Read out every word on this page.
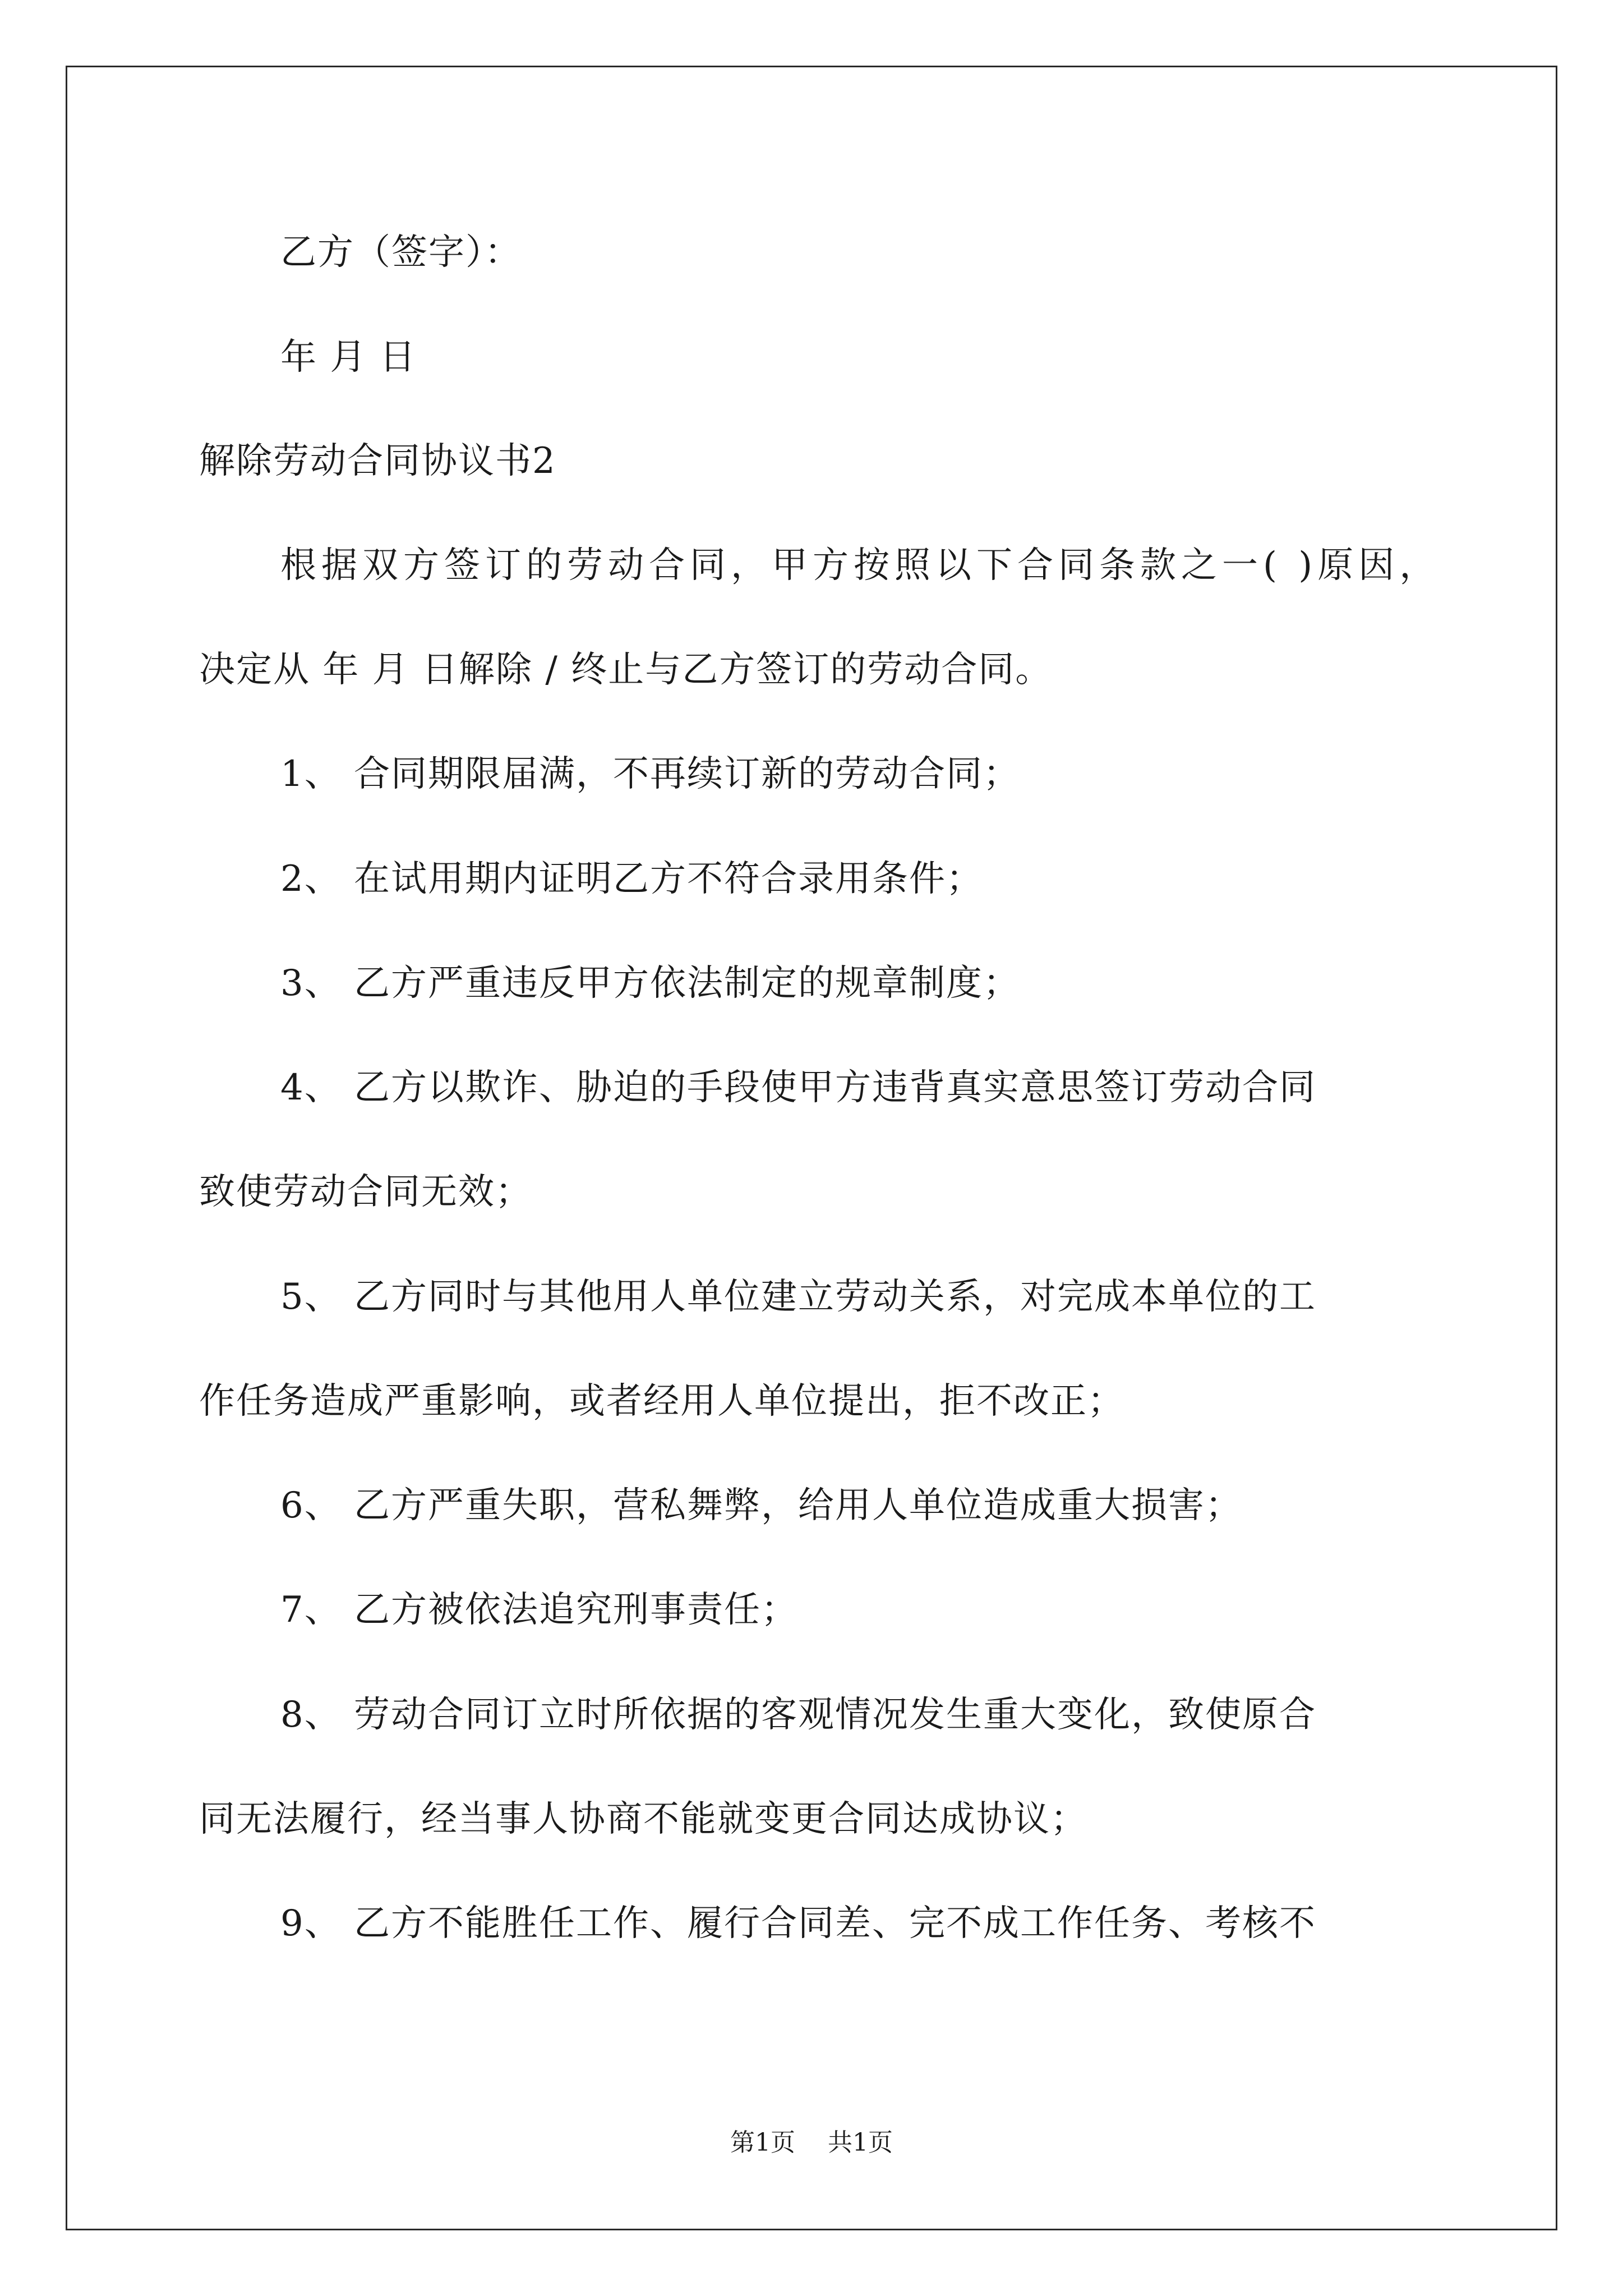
乙方（签字）：
年 月 日
解除劳动合同协议书2
根据双方签订的劳动合同，甲方按照以下合同条款之一( )原因，
决定从 年 月 日解除 / 终止与乙方签订的劳动合同。
1、 合同期限届满，不再续订新的劳动合同；
2、 在试用期内证明乙方不符合录用条件；
3、 乙方严重违反甲方依法制定的规章制度；
4、 乙方以欺诈、胁迫的手段使甲方违背真实意思签订劳动合同
致使劳动合同无效；
5、 乙方同时与其他用人单位建立劳动关系，对完成本单位的工
作任务造成严重影响，或者经用人单位提出，拒不改正；
6、 乙方严重失职，营私舞弊，给用人单位造成重大损害；
7、 乙方被依法追究刑事责任；
8、 劳动合同订立时所依据的客观情况发生重大变化，致使原合
同无法履行，经当事人协商不能就变更合同达成协议；
9、 乙方不能胜任工作、履行合同差、完不成工作任务、考核不
第1页 共1页
